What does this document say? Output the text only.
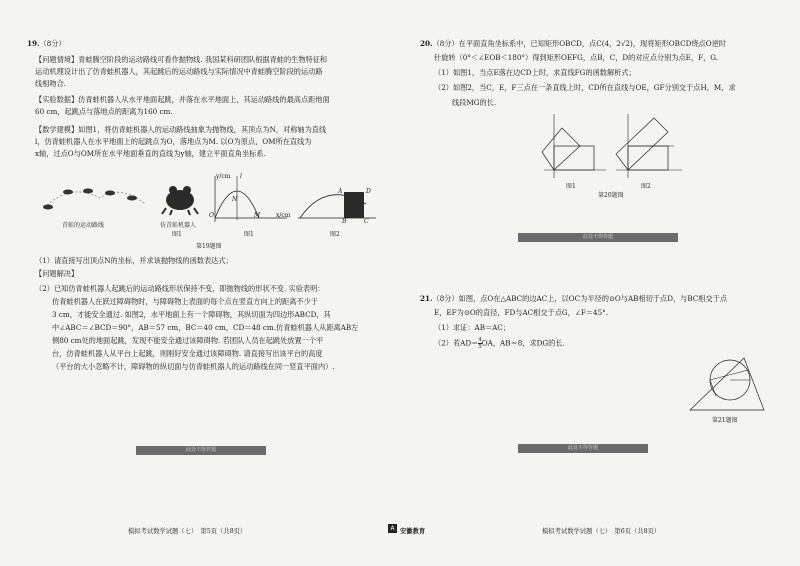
19.（8分）
【问题情境】青蛙腾空阶段的运动路线可看作抛物线. 我国某科研团队根据青蛙的生物特征和
运动机理设计出了仿青蛙机器人，其起跳后的运动路线与实际情况中青蛙腾空阶段的运动路
线相吻合.
【实验数据】仿青蛙机器人从水平地面起跳，并落在水平地面上，其运动路线的最高点距地面
60 cm，起跳点与落地点的距离为160 cm.
【数学建模】如图1，将仿青蛙机器人的运动路线抽象为抛物线，其顶点为N，对称轴为直线
l，仿青蛙机器人在水平地面上的起跳点为O，落地点为M. 以O为原点，OM所在直线为
x轴，过点O与OM所在水平地面垂直的直线为y轴，建立平面直角坐标系.
青蛙的运动路线	仿青蛙机器人
图1
y/cm l
N
O	M	x/cm
图1
A	D
B	C
图2
第19题图
（1）请直接写出顶点N的坐标，并求该抛物线的函数表达式；
【问题解决】
（2）已知仿青蛙机器人起跳后的运动路线形状保持不变，即抛物线的形状不变. 实验表明：
仿青蛙机器人在跃过障碍物时，与障碍物上表面的每个点在竖直方向上的距离不少于
3 cm，才能安全通过. 如图2，水平地面上有一个障碍物，其纵切面为四边形ABCD，其
中∠ABC＝∠BCD＝90°，AB＝57 cm，BC＝40 cm，CD＝48 cm.仿青蛙机器人从距离AB左
侧80 cm处的地面起跳，发现不能安全通过该障碍物. 若团队人员在起跳处放置一个平
台，仿青蛙机器人从平台上起跳，则刚好安全通过该障碍物. 请直接写出该平台的高度
（平台的大小忽略不计，障碍物的纵切面与仿青蛙机器人的运动路线在同一竖直平面内）.
此处不得答题
模拟考试数学试题（七）　第5页（共8页）	A 安徽教育
20.（8分）在平面直角坐标系中，已知矩形OBCD，点C(4，2√2)，现将矩形OBCD绕点O逆时
针旋转（0°＜∠EOB＜180°）得到矩形OEFG，点B，C，D的对应点分别为点E，F，G.
（1）如图1，当点E落在边CD上时，求直线FG的函数解析式；
（2）如图2，当C，E，F三点在一条直线上时，CD所在直线与OE，GF分别交于点H，M，求
线段MG的长.
图1	图2
第20题图
此处不得答题
21.（8分）如图，点O在△ABC的边AC上，以OC为半径的⊙O与AB相切于点D，与BC相交于点
E，EF为⊙O的直径，FD与AC相交于点G，∠F＝45°.
（1）求证：AB＝AC；
（2）若$AD= \frac{4}{5}$ OA，AB＝8，求DG的长.
第21题图
此处不得答题
模拟考试数学试题（七）　第6页（共8页）
